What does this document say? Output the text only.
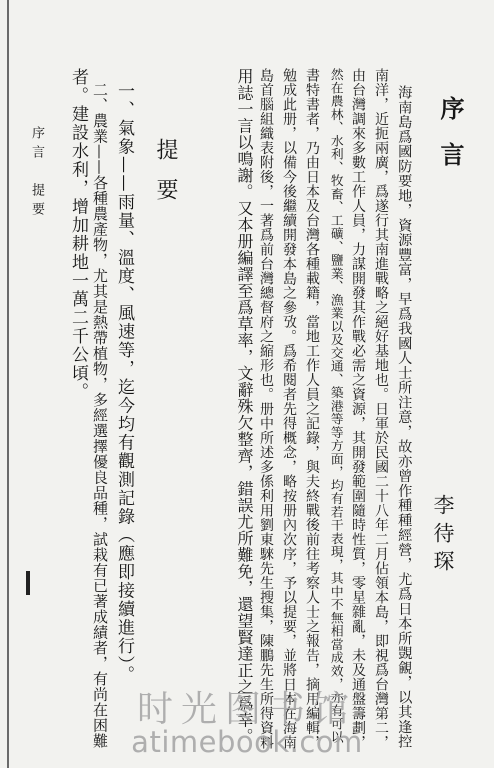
序言
李待琛
海南島爲國防要地，資源豐富，早爲我國人士所注意，故亦曾作種種經營，尤爲日本所覬覦，以其逢控
南洋，近扼兩廣，爲遂行其南進戰略之絕好基地也。日軍於民國二十八年二月佔領本島，即視爲台灣第二，
由台灣調來多數工作人員，力謀開發其作戰必需之資源，其開發範圍隨時性質，零星雜亂，未及通盤籌劃，
然在農林、水利、牧畜、工礦、鹽業、漁業以及交通、築港等等方面，均有若干表現，其中不無相當成效，亦有可以
書特書者，乃由日本及台灣各種載籍，當地工作人員之記錄，與夫終戰後前往考察人士之報告，摘用編輯，
勉成此册，以備今後繼續開發本島之參攷。爲希閱者先得概念，略按册內次序，予以提要，並將日本在海南
島首腦組織表附後，一著爲前台灣總督府之縮形也。册中所述多係利用劉東騋先生搜集，陳鵬先生所得資料
用誌一言以鳴謝。又本册編譯至爲草率，文辭殊欠整齊，錯誤尤所難免，還望賢達正之爲幸。
提要
一、氣象——雨量、溫度、風速等，迄今均有觀測記錄（應即接續進行）。
二、農業——各種農產物，尤其是熱帶植物，多經選擇優良品種，試栽有已著成績者，有尚在困難
者。建設水利，增加耕地一萬二千公頃。
序言　提要
时光图书馆
atimebook.com
